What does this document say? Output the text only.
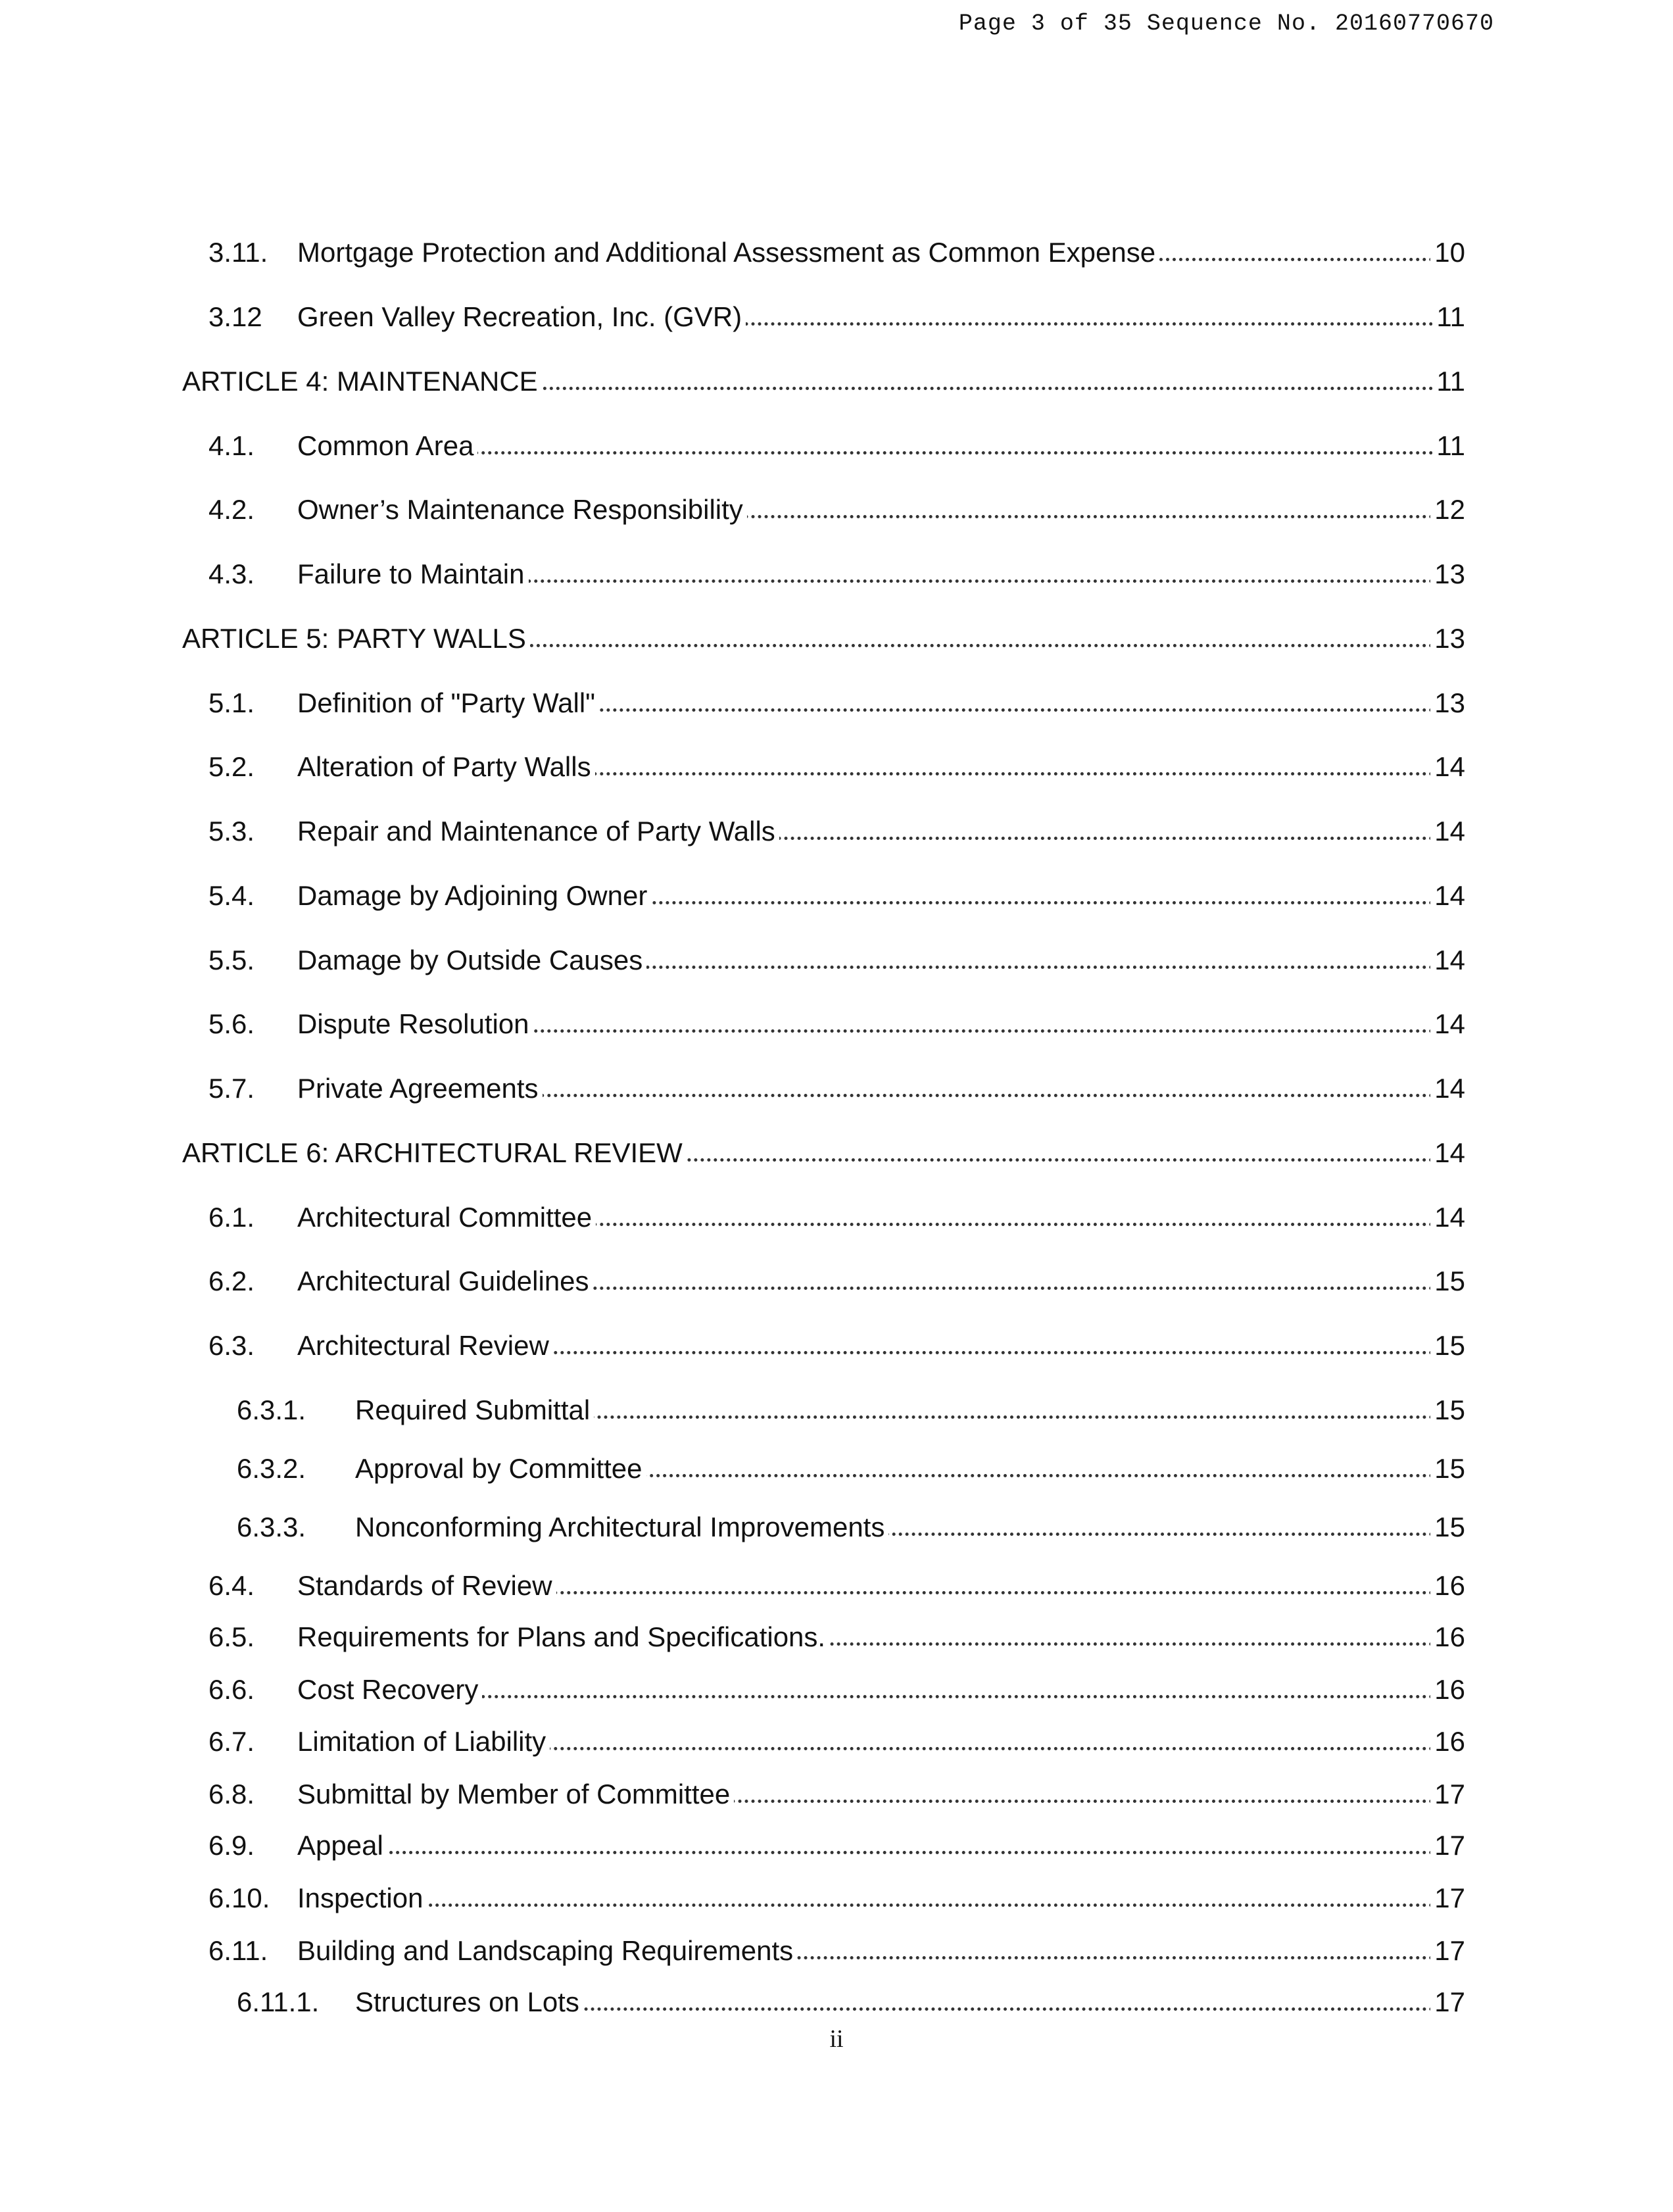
Page 3 of 35 Sequence No. 20160770670
3.11. Mortgage Protection and Additional Assessment as Common Expense	10
3.12 Green Valley Recreation, Inc. (GVR)	11
ARTICLE 4: MAINTENANCE	11
4.1. Common Area	11
4.2. Owner’s Maintenance Responsibility	12
4.3. Failure to Maintain	13
ARTICLE 5: PARTY WALLS	13
5.1. Definition of "Party Wall"	13
5.2. Alteration of Party Walls	14
5.3. Repair and Maintenance of Party Walls	14
5.4. Damage by Adjoining Owner	14
5.5. Damage by Outside Causes	14
5.6. Dispute Resolution	14
5.7. Private Agreements	14
ARTICLE 6: ARCHITECTURAL REVIEW	14
6.1. Architectural Committee	14
6.2. Architectural Guidelines	15
6.3. Architectural Review	15
6.3.1. Required Submittal	15
6.3.2. Approval by Committee	15
6.3.3. Nonconforming Architectural Improvements	15
6.4. Standards of Review	16
6.5. Requirements for Plans and Specifications.	16
6.6. Cost Recovery	16
6.7. Limitation of Liability	16
6.8. Submittal by Member of Committee	17
6.9. Appeal	17
6.10. Inspection	17
6.11. Building and Landscaping Requirements	17
6.11.1. Structures on Lots	17
ii
